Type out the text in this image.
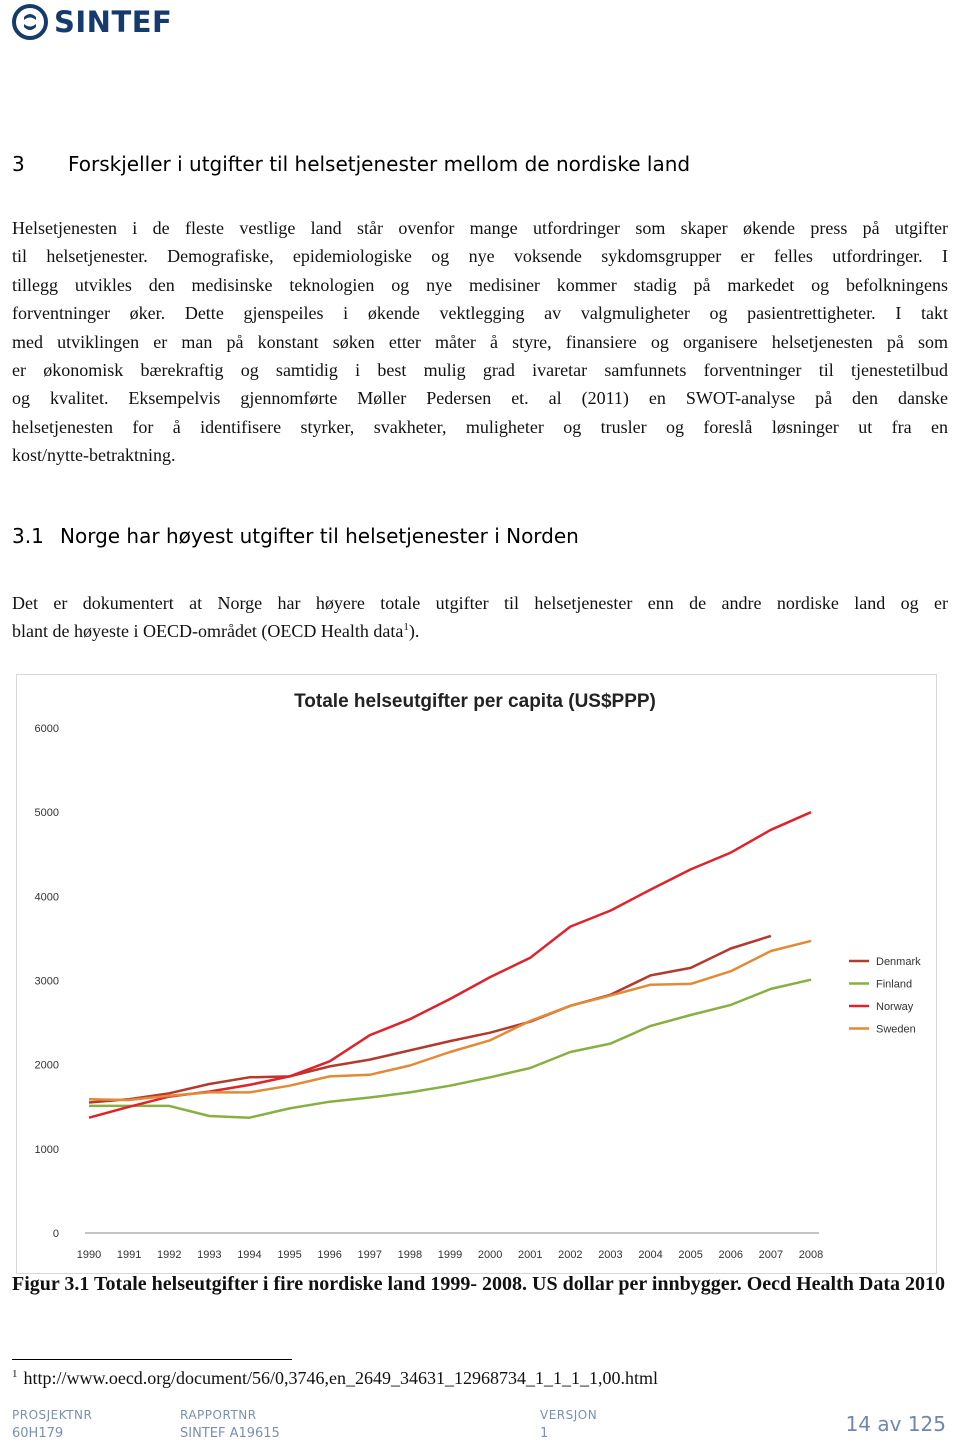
SINTEF
3 Forskjeller i utgifter til helsetjenester mellom de nordiske land

Helsetjenesten i de fleste vestlige land står ovenfor mange utfordringer som skaper økende press på utgifter
til helsetjenester. Demografiske, epidemiologiske og nye voksende sykdomsgrupper er felles utfordringer. I
tillegg utvikles den medisinske teknologien og nye medisiner kommer stadig på markedet og befolkningens
forventninger øker. Dette gjenspeiles i økende vektlegging av valgmuligheter og pasientrettigheter. I takt
med utviklingen er man på konstant søken etter måter å styre, finansiere og organisere helsetjenesten på som
er økonomisk bærekraftig og samtidig i best mulig grad ivaretar samfunnets forventninger til tjenestetilbud
og kvalitet. Eksempelvis gjennomførte Møller Pedersen et. al (2011) en SWOT-analyse på den danske
helsetjenesten for å identifisere styrker, svakheter, muligheter og trusler og foreslå løsninger ut fra en
kost/nytte-betraktning.

3.1 Norge har høyest utgifter til helsetjenester i Norden

Det er dokumentert at Norge har høyere totale utgifter til helsetjenester enn de andre nordiske land og er
blant de høyeste i OECD-området (OECD Health data$^1$).

Totale helseutgifter per capita (US$PPP)
0
1000
2000
3000
4000
5000
6000
1990 1991 1992 1993 1994 1995 1996 1997 1998 1999 2000 2001 2002 2003 2004 2005 2006 2007 2008
Denmark
Finland
Norway
Sweden

Figur 3.1 Totale helseutgifter i fire nordiske land 1999- 2008. US dollar per innbygger. Oecd Health Data 2010

$^1$ http://www.oecd.org/document/56/0,3746,en_2649_34631_12968734_1_1_1_1,00.html
PROSJEKTNR
60H179
RAPPORTNR
SINTEF A19615
VERSJON
1	14 av 125
